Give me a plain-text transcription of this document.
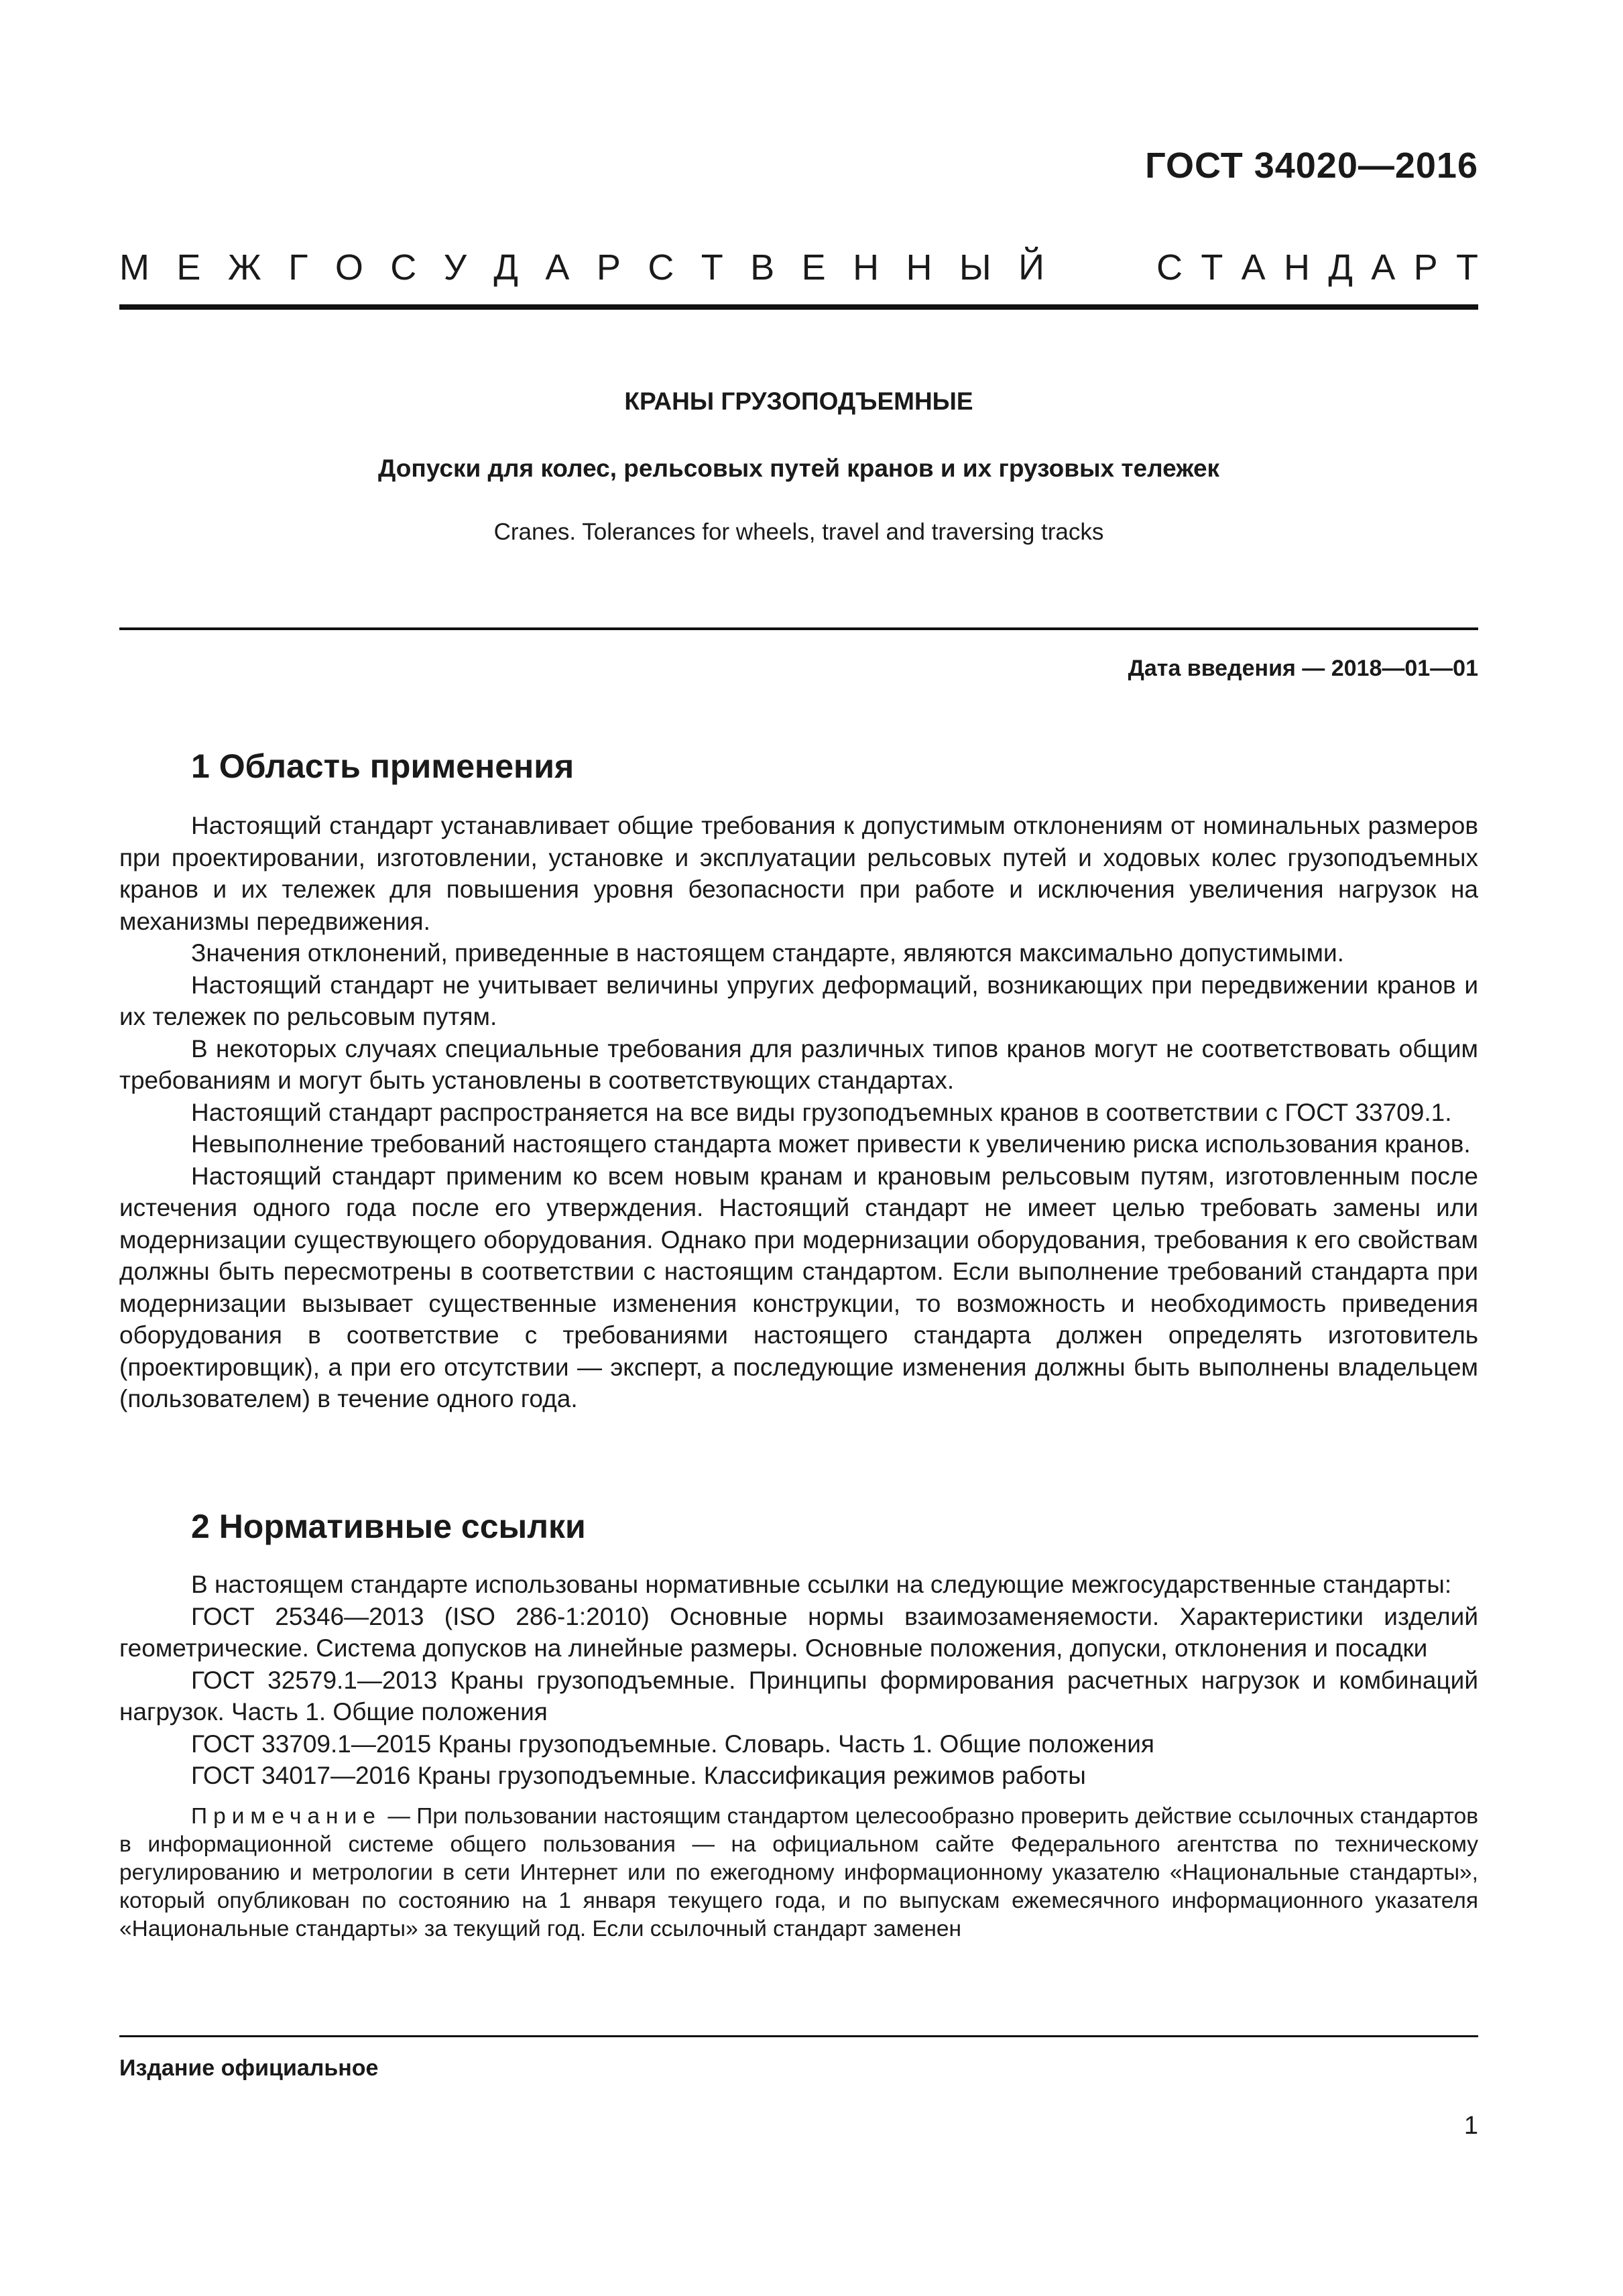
ГОСТ 34020—2016
М Е Ж Г О С У Д А Р С Т В Е Н Н Ы Й	С Т А Н Д А Р Т
КРАНЫ ГРУЗОПОДЪЕМНЫЕ
Допуски для колес, рельсовых путей кранов и их грузовых тележек
Cranes. Tolerances for wheels, travel and traversing tracks
Дата введения — 2018—01—01
1 Область применения

Настоящий стандарт устанавливает общие требования к допустимым отклонениям от номинальных размеров при проектировании, изготовлении, установке и эксплуатации рельсовых путей и ходовых колес грузоподъемных кранов и их тележек для повышения уровня безопасности при работе и исключения увеличения нагрузок на механизмы передвижения.

Значения отклонений, приведенные в настоящем стандарте, являются максимально допустимыми.

Настоящий стандарт не учитывает величины упругих деформаций, возникающих при передвижении кранов и их тележек по рельсовым путям.

В некоторых случаях специальные требования для различных типов кранов могут не соответствовать общим требованиям и могут быть установлены в соответствующих стандартах.

Настоящий стандарт распространяется на все виды грузоподъемных кранов в соответствии с ГОСТ 33709.1.

Невыполнение требований настоящего стандарта может привести к увеличению риска использования кранов.

Настоящий стандарт применим ко всем новым кранам и крановым рельсовым путям, изготовленным после истечения одного года после его утверждения. Настоящий стандарт не имеет целью требовать замены или модернизации существующего оборудования. Однако при модернизации оборудования, требования к его свойствам должны быть пересмотрены в соответствии с настоящим стандартом. Если выполнение требований стандарта при модернизации вызывает существенные изменения конструкции, то возможность и необходимость приведения оборудования в соответствие с требованиями настоящего стандарта должен определять изготовитель (проектировщик), а при его отсутствии — эксперт, а последующие изменения должны быть выполнены владельцем (пользователем) в течение одного года.

2 Нормативные ссылки

В настоящем стандарте использованы нормативные ссылки на следующие межгосударственные стандарты:

ГОСТ 25346—2013 (ISO 286-1:2010) Основные нормы взаимозаменяемости. Характеристики изделий геометрические. Система допусков на линейные размеры. Основные положения, допуски, отклонения и посадки

ГОСТ 32579.1—2013 Краны грузоподъемные. Принципы формирования расчетных нагрузок и комбинаций нагрузок. Часть 1. Общие положения

ГОСТ 33709.1—2015 Краны грузоподъемные. Словарь. Часть 1. Общие положения

ГОСТ 34017—2016 Краны грузоподъемные. Классификация режимов работы

Примечание — При пользовании настоящим стандартом целесообразно проверить действие ссылочных стандартов в информационной системе общего пользования — на официальном сайте Федерального агентства по техническому регулированию и метрологии в сети Интернет или по ежегодному информационному указателю «Национальные стандарты», который опубликован по состоянию на 1 января текущего года, и по выпускам ежемесячного информационного указателя «Национальные стандарты» за текущий год. Если ссылочный стандарт заменен

Издание официальное
1
